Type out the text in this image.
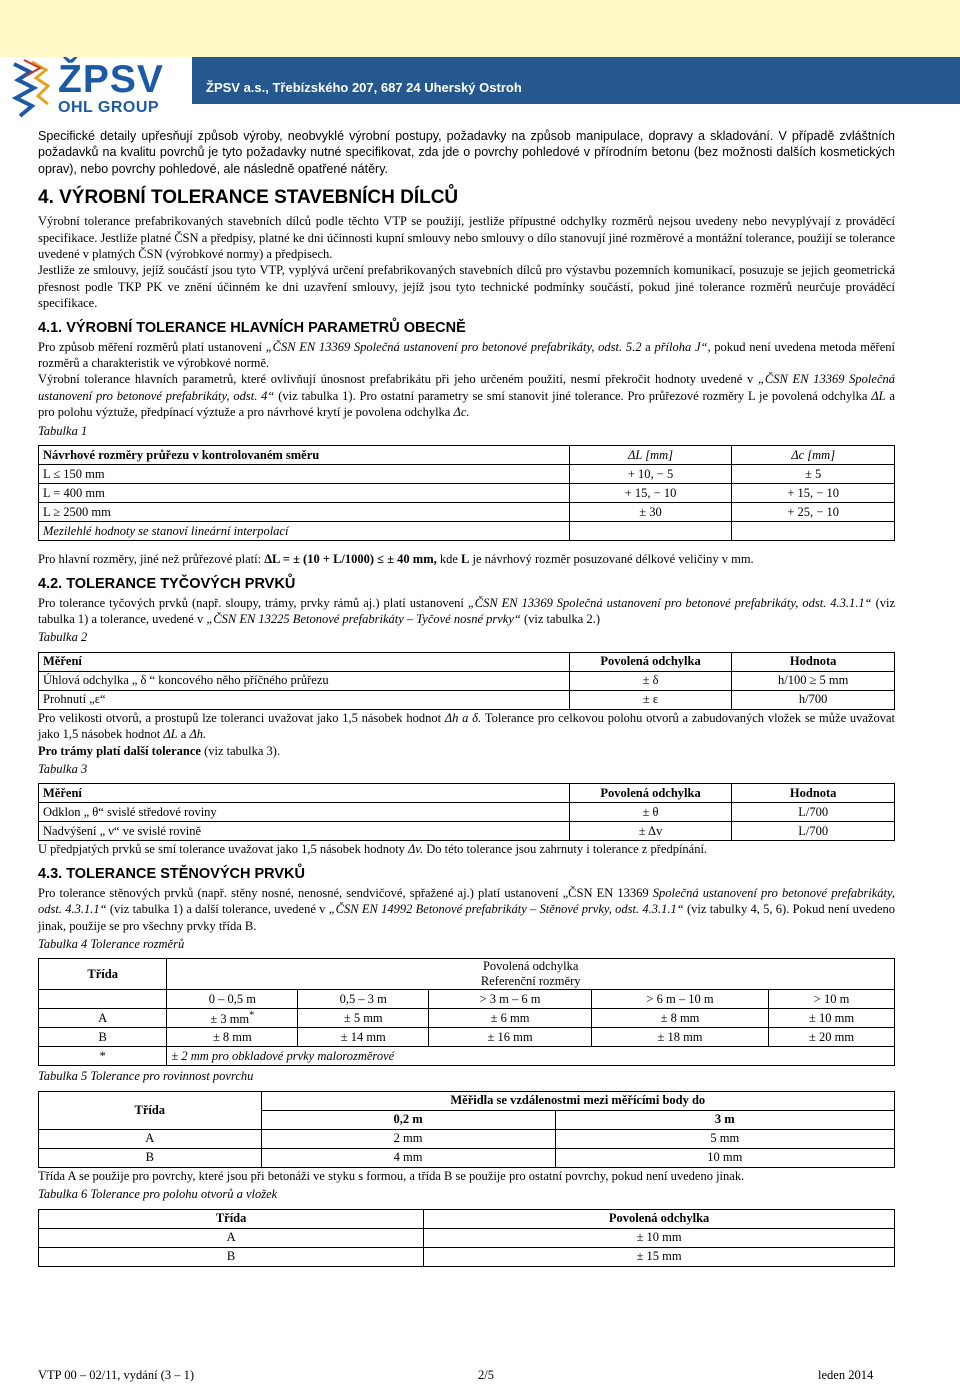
ŽPSV
OHL GROUP
ŽPSV a.s., Třebízského 207, 687 24 Uherský Ostroh
Specifické detaily upřesňují způsob výroby, neobvyklé výrobní postupy, požadavky na způsob manipulace, dopravy a skladování. V případě zvláštních požadavků na kvalitu povrchů je tyto požadavky nutné specifikovat, zda jde o povrchy pohledové v přírodním betonu (bez možnosti dalších kosmetických oprav), nebo povrchy pohledové, ale následně opatřené nátěry.
4. VÝROBNÍ TOLERANCE STAVEBNÍCH DÍLCŮ
Výrobní tolerance prefabrikovaných stavebních dílců podle těchto VTP se použijí, jestliže přípustné odchylky rozměrů nejsou uvedeny nebo nevyplývají z prováděcí specifikace. Jestliže platné ČSN a předpisy, platné ke dni účinnosti kupní smlouvy nebo smlouvy o dílo stanovují jiné rozměrové a montážní tolerance, použijí se tolerance uvedené v platných ČSN (výrobkové normy) a předpisech.
Jestliže ze smlouvy, jejíž součástí jsou tyto VTP, vyplývá určení prefabrikovaných stavebních dílců pro výstavbu pozemních komunikací, posuzuje se jejich geometrická přesnost podle TKP PK ve znění účinném ke dni uzavření smlouvy, jejíž jsou tyto technické podmínky součástí, pokud jiné tolerance rozměrů neurčuje prováděcí specifikace.
4.1. VÝROBNÍ TOLERANCE HLAVNÍCH PARAMETRŮ OBECNĚ
Pro způsob měření rozměrů platí ustanovení „ČSN EN 13369 Společná ustanovení pro betonové prefabrikáty, odst. 5.2 a příloha J“, pokud není uvedena metoda měření rozměrů a charakteristik ve výrobkové normě.
Výrobní tolerance hlavních parametrů, které ovlivňují únosnost prefabrikátu při jeho určeném použití, nesmí překročit hodnoty uvedené v „ČSN EN 13369 Společná ustanovení pro betonové prefabrikáty, odst. 4“ (viz tabulka 1). Pro ostatní parametry se smí stanovit jiné tolerance. Pro průřezové rozměry L je povolená odchylka ΔL a pro polohu výztuže, předpínací výztuže a pro návrhové krytí je povolena odchylka Δc.
Tabulka 1
Návrhové rozměry průřezu v kontrolovaném směru	ΔL [mm]	Δc [mm]
L ≤ 150 mm	+ 10, − 5	± 5
L = 400 mm	+ 15, − 10	+ 15, − 10
L ≥ 2500 mm	± 30	+ 25, − 10
Mezilehlé hodnoty se stanoví lineární interpolací		
Pro hlavní rozměry, jiné než průřezové platí: ΔL = ± (10 + L/1000) ≤ ± 40 mm, kde L je návrhový rozměr posuzované délkové veličiny v mm.
4.2. TOLERANCE TYČOVÝCH PRVKŮ
Pro tolerance tyčových prvků (např. sloupy, trámy, prvky rámů aj.) platí ustanovení „ČSN EN 13369 Společná ustanovení pro betonové prefabrikáty, odst. 4.3.1.1“ (viz tabulka 1) a tolerance, uvedené v „ČSN EN 13225 Betonové prefabrikáty – Tyčové nosné prvky“ (viz tabulka 2.)
Tabulka 2
Měření	Povolená odchylka	Hodnota
Úhlová odchylka „ δ “ koncového něho příčného průřezu	± δ	h/100 ≥ 5 mm
Prohnutí „ε“	± ε	h/700
Pro velikosti otvorů, a prostupů lze toleranci uvažovat jako 1,5 násobek hodnot Δh a δ. Tolerance pro celkovou polohu otvorů a zabudovaných vložek se může uvažovat jako 1,5 násobek hodnot ΔL a Δh.
Pro trámy platí další tolerance (viz tabulka 3).
Tabulka 3
Měření	Povolená odchylka	Hodnota
Odklon „ θ“ svislé středové roviny	± θ	L/700
Nadvýšení „ ν“ ve svislé rovině	± Δv	L/700
U předpjatých prvků se smí tolerance uvažovat jako 1,5 násobek hodnoty Δv. Do této tolerance jsou zahrnuty i tolerance z předpínání.
4.3. TOLERANCE STĚNOVÝCH PRVKŮ
Pro tolerance stěnových prvků (např. stěny nosné, nenosné, sendvičové, spřažené aj.) platí ustanovení „ČSN EN 13369 Společná ustanovení pro betonové prefabrikáty, odst. 4.3.1.1“ (viz tabulka 1) a další tolerance, uvedené v „ČSN EN 14992 Betonové prefabrikáty – Stěnové prvky, odst. 4.3.1.1“ (viz tabulky 4, 5, 6). Pokud není uvedeno jinak, použije se pro všechny prvky třída B.
Tabulka 4 Tolerance rozměrů
Třída	Povolená odchylka
Referenční rozměry				

	0 – 0,5 m	0,5 – 3 m	> 3 m – 6 m	> 6 m – 10 m	> 10 m
A	± 3 mm*	± 5 mm	± 6 mm	± 8 mm	± 10 mm
B	± 8 mm	± 14 mm	± 16 mm	± 18 mm	± 20 mm
*	± 2 mm pro obkladové prvky malorozměrové				
Tabulka 5 Tolerance pro rovinnost povrchu
Třída	Měřidla se vzdálenostmi mezi měřícími body do	
	0,2 m	3 m
A	2 mm	5 mm
B	4 mm	10 mm
Třída A se použije pro povrchy, které jsou při betonáži ve styku s formou, a třída B se použije pro ostatní povrchy, pokud není uvedeno jinak.
Tabulka 6 Tolerance pro polohu otvorů a vložek
Třída	Povolená odchylka
A	± 10 mm
B	± 15 mm
VTP 00 – 02/11, vydání (3 – 1)	2/5	leden 2014
